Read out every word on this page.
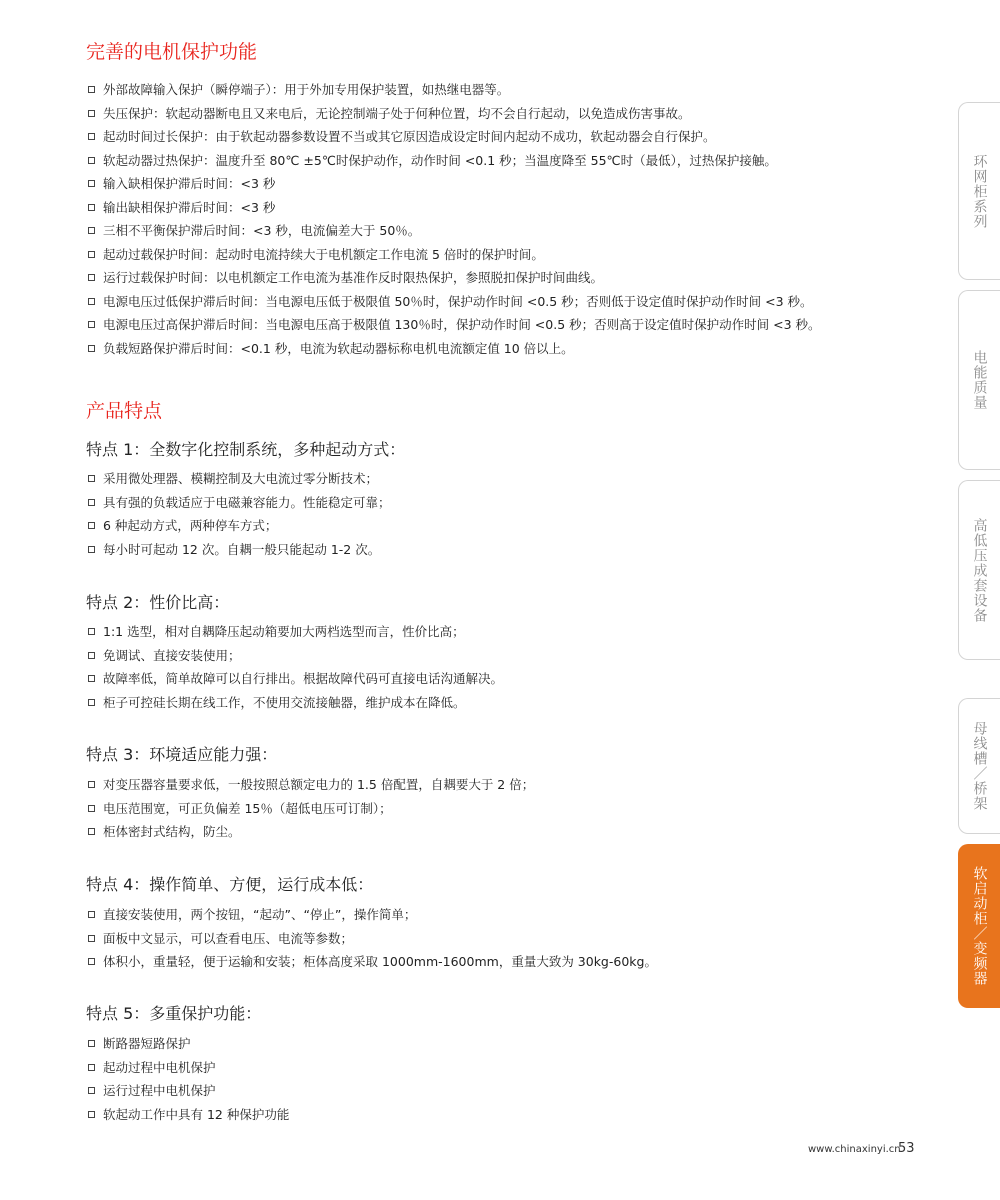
完善的电机保护功能
外部故障输入保护（瞬停端子）：用于外加专用保护装置，如热继电器等。
失压保护：软起动器断电且又来电后，无论控制端子处于何种位置，均不会自行起动，以免造成伤害事故。
起动时间过长保护：由于软起动器参数设置不当或其它原因造成设定时间内起动不成功，软起动器会自行保护。
软起动器过热保护：温度升至 80℃ ±5℃时保护动作，动作时间 <0.1 秒；当温度降至 55℃时（最低），过热保护接触。
输入缺相保护滞后时间：<3 秒
输出缺相保护滞后时间：<3 秒
三相不平衡保护滞后时间：<3 秒，电流偏差大于 50％。
起动过载保护时间：起动时电流持续大于电机额定工作电流 5 倍时的保护时间。
运行过载保护时间：以电机额定工作电流为基准作反时限热保护，参照脱扣保护时间曲线。
电源电压过低保护滞后时间：当电源电压低于极限值 50％时，保护动作时间 <0.5 秒；否则低于设定值时保护动作时间 <3 秒。
电源电压过高保护滞后时间：当电源电压高于极限值 130％时，保护动作时间 <0.5 秒；否则高于设定值时保护动作时间 <3 秒。
负载短路保护滞后时间：<0.1 秒，电流为软起动器标称电机电流额定值 10 倍以上。
产品特点
特点 1：全数字化控制系统，多种起动方式：
采用微处理器、模糊控制及大电流过零分断技术；
具有强的负载适应于电磁兼容能力。性能稳定可靠；
6 种起动方式，两种停车方式；
每小时可起动 12 次。自耦一般只能起动 1-2 次。
特点 2：性价比高：
1:1 选型，相对自耦降压起动箱要加大两档选型而言，性价比高；
免调试、直接安装使用；
故障率低，简单故障可以自行排出。根据故障代码可直接电话沟通解决。
柜子可控硅长期在线工作，不使用交流接触器，维护成本在降低。
特点 3：环境适应能力强：
对变压器容量要求低，一般按照总额定电力的 1.5 倍配置，自耦要大于 2 倍；
电压范围宽，可正负偏差 15％（超低电压可订制）；
柜体密封式结构，防尘。
特点 4：操作简单、方便，运行成本低：
直接安装使用，两个按钮，“起动”、“停止”，操作简单；
面板中文显示，可以查看电压、电流等参数；
体积小，重量轻，便于运输和安装；柜体高度采取 1000mm-1600mm，重量大致为 30kg-60kg。
特点 5：多重保护功能：
断路器短路保护
起动过程中电机保护
运行过程中电机保护
软起动工作中具有 12 种保护功能
环网柜系列
电能质量
高低压成套设备
母线槽／桥架
软启动柜／变频器
www.chinaxinyi.cn
53
